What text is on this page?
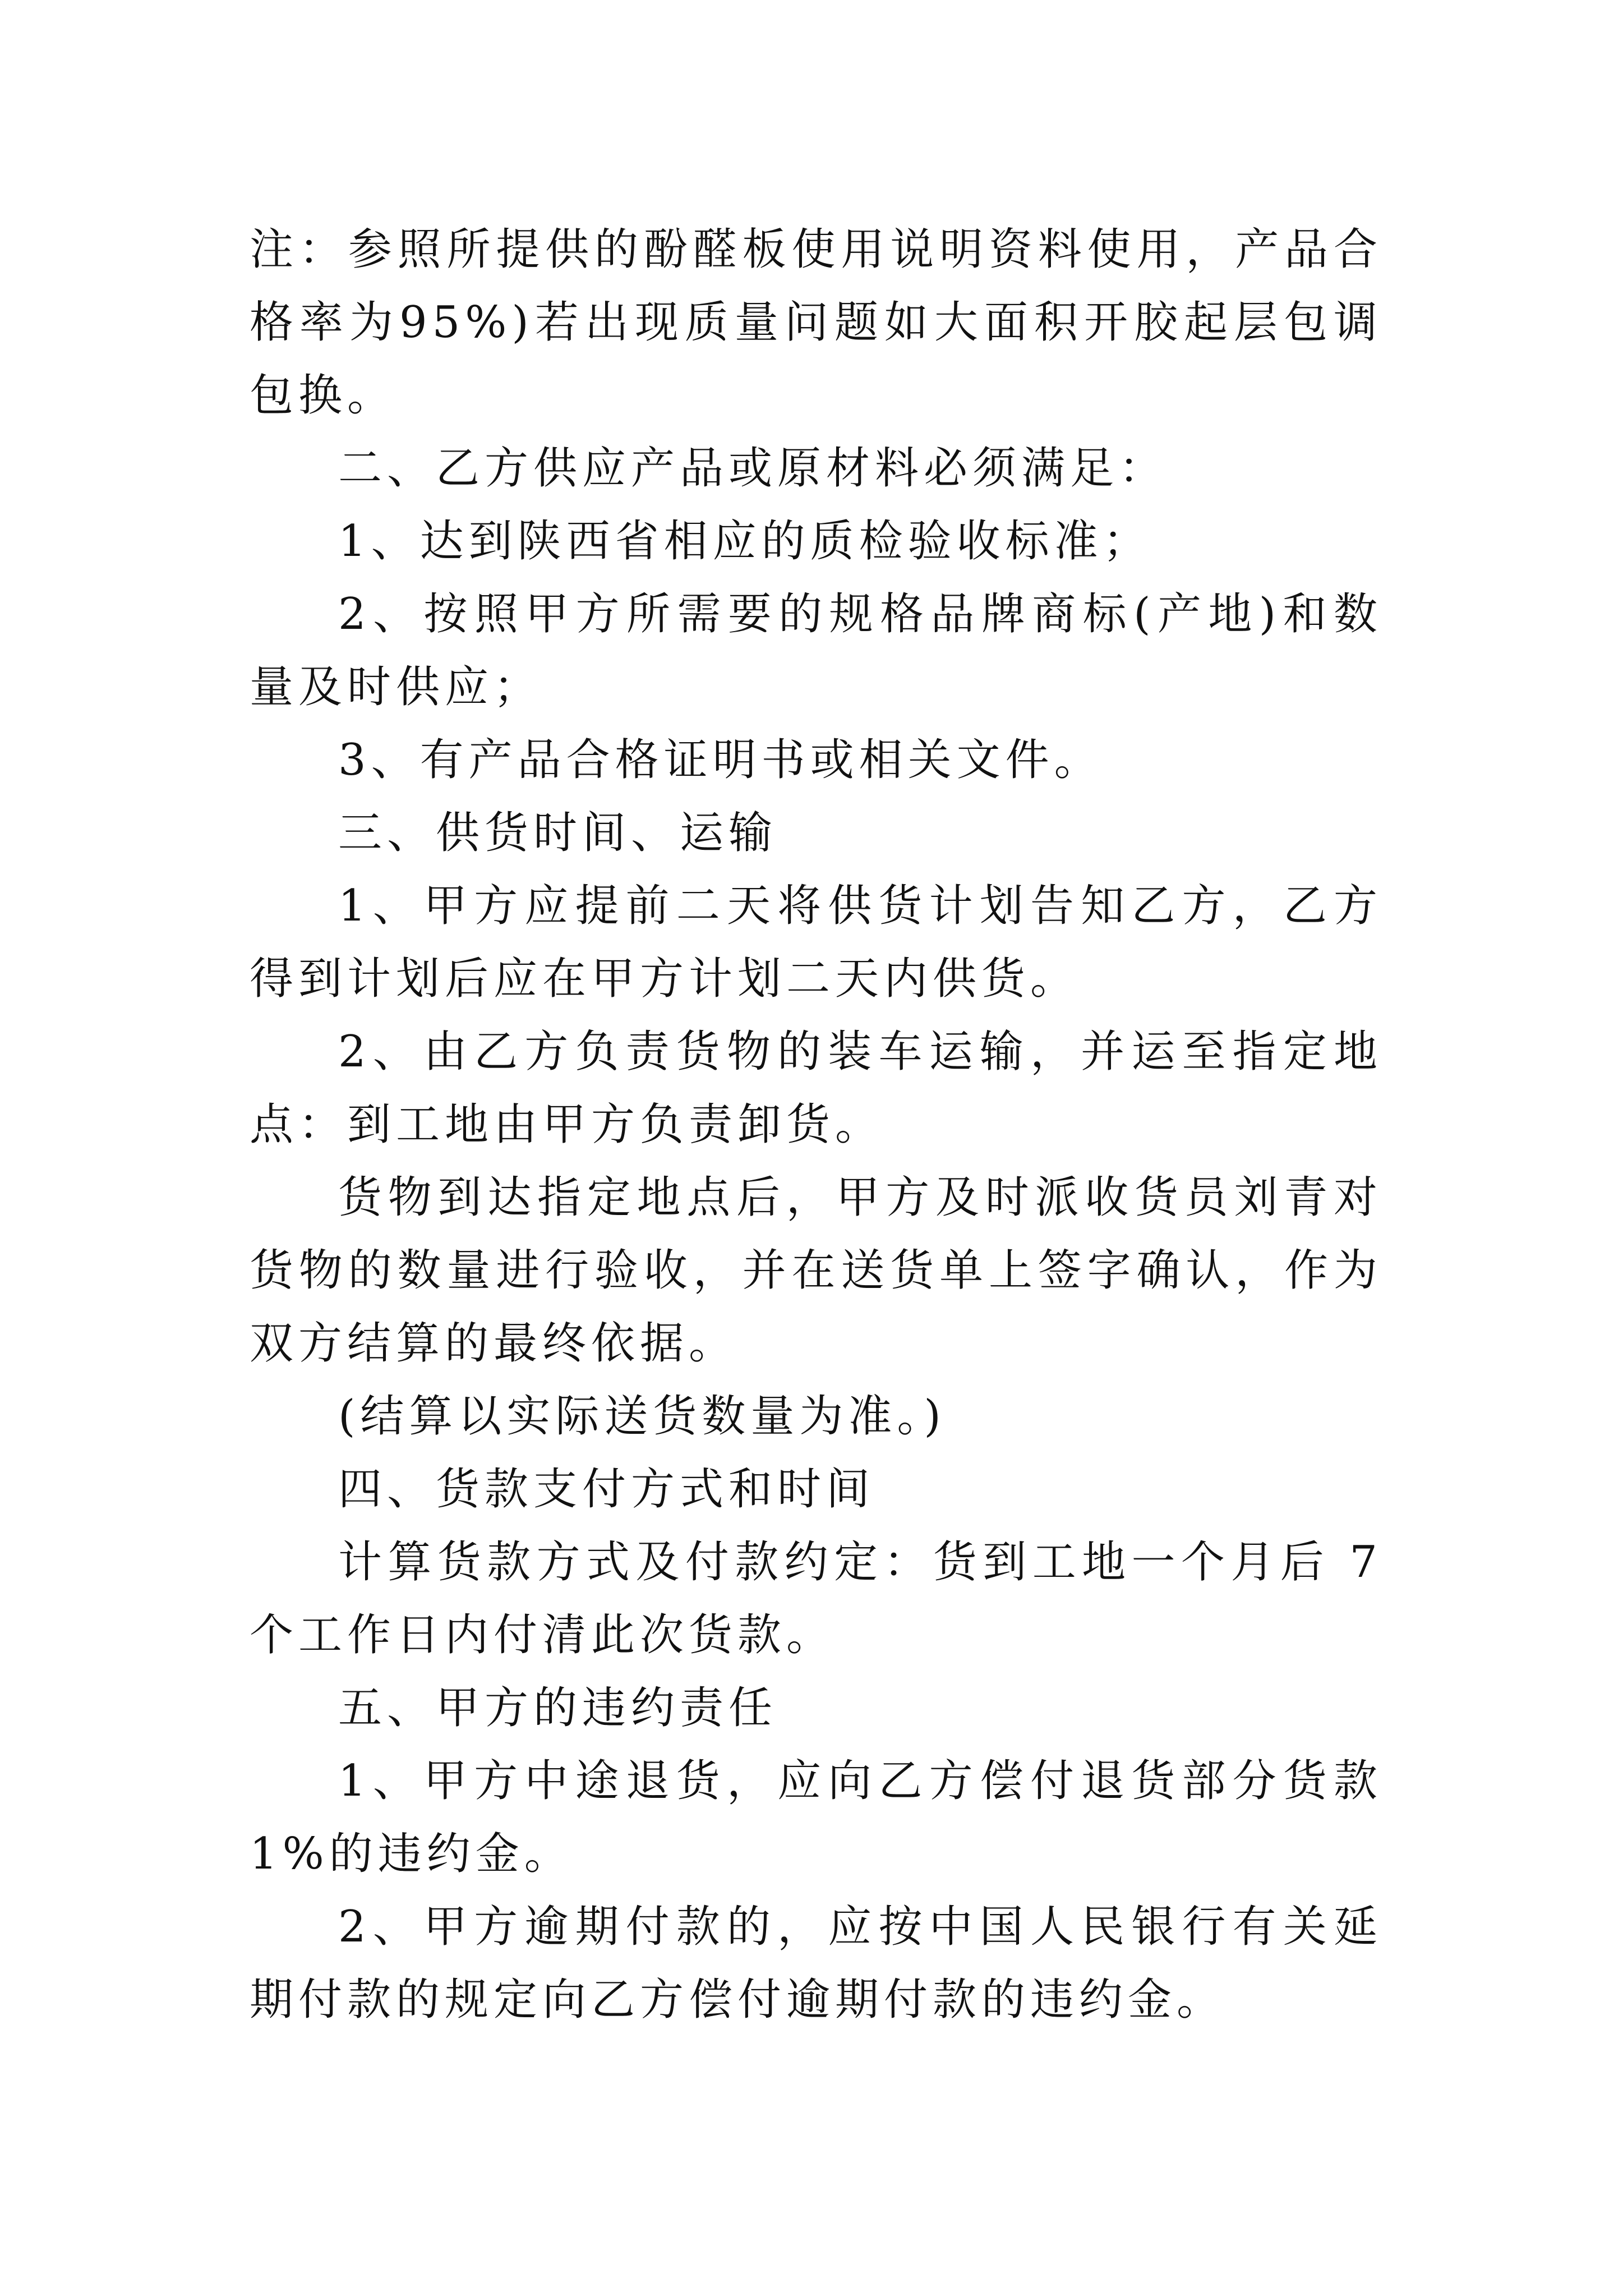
注：参照所提供的酚醛板使用说明资料使用，产品合格率为95%)若出现质量问题如大面积开胶起层包调包换。

二、乙方供应产品或原材料必须满足：

1、达到陕西省相应的质检验收标准；

2、按照甲方所需要的规格品牌商标(产地)和数量及时供应；

3、有产品合格证明书或相关文件。

三、供货时间、运输

1、甲方应提前二天将供货计划告知乙方，乙方得到计划后应在甲方计划二天内供货。

2、由乙方负责货物的装车运输，并运至指定地点：到工地由甲方负责卸货。

货物到达指定地点后，甲方及时派收货员刘青对货物的数量进行验收，并在送货单上签字确认，作为双方结算的最终依据。

(结算以实际送货数量为准。)

四、货款支付方式和时间

计算货款方式及付款约定：货到工地一个月后 7 个工作日内付清此次货款。

五、甲方的违约责任

1、甲方中途退货，应向乙方偿付退货部分货款 1%的违约金。

2、甲方逾期付款的，应按中国人民银行有关延期付款的规定向乙方偿付逾期付款的违约金。
